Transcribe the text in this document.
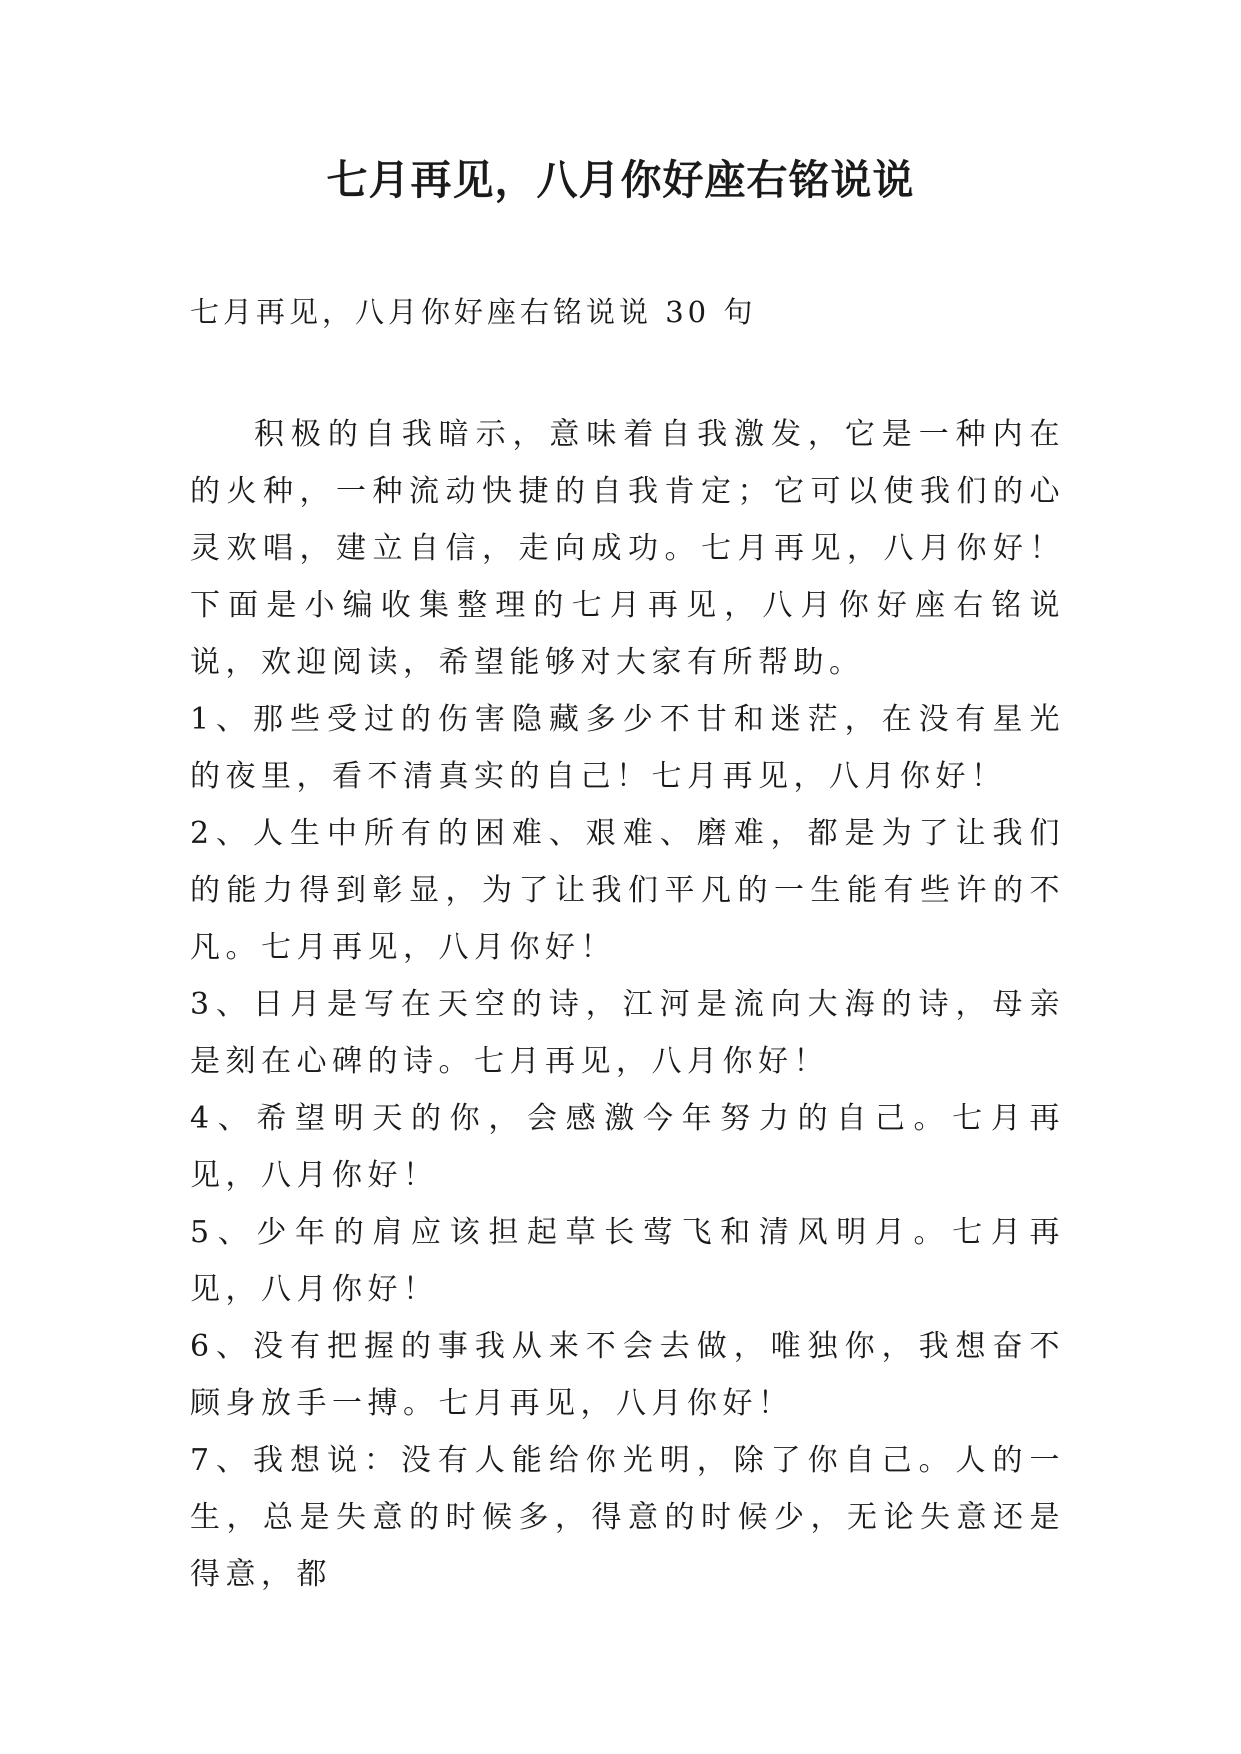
七月再见，八月你好座右铭说说

七月再见，八月你好座右铭说说 30 句

积极的自我暗示，意味着自我激发，它是一种内在的火种，一种流动快捷的自我肯定；它可以使我们的心灵欢唱，建立自信，走向成功。七月再见，八月你好！下面是小编收集整理的七月再见，八月你好座右铭说说，欢迎阅读，希望能够对大家有所帮助。

1、那些受过的伤害隐藏多少不甘和迷茫，在没有星光的夜里，看不清真实的自己！七月再见，八月你好！

2、人生中所有的困难、艰难、磨难，都是为了让我们的能力得到彰显，为了让我们平凡的一生能有些许的不凡。七月再见，八月你好！

3、日月是写在天空的诗，江河是流向大海的诗，母亲是刻在心碑的诗。七月再见，八月你好！

4、希望明天的你，会感激今年努力的自己。七月再见，八月你好！

5、少年的肩应该担起草长莺飞和清风明月。七月再见，八月你好！

6、没有把握的事我从来不会去做，唯独你，我想奋不顾身放手一搏。七月再见，八月你好！

7、我想说：没有人能给你光明，除了你自己。人的一生，总是失意的时候多，得意的时候少，无论失意还是得意，都
